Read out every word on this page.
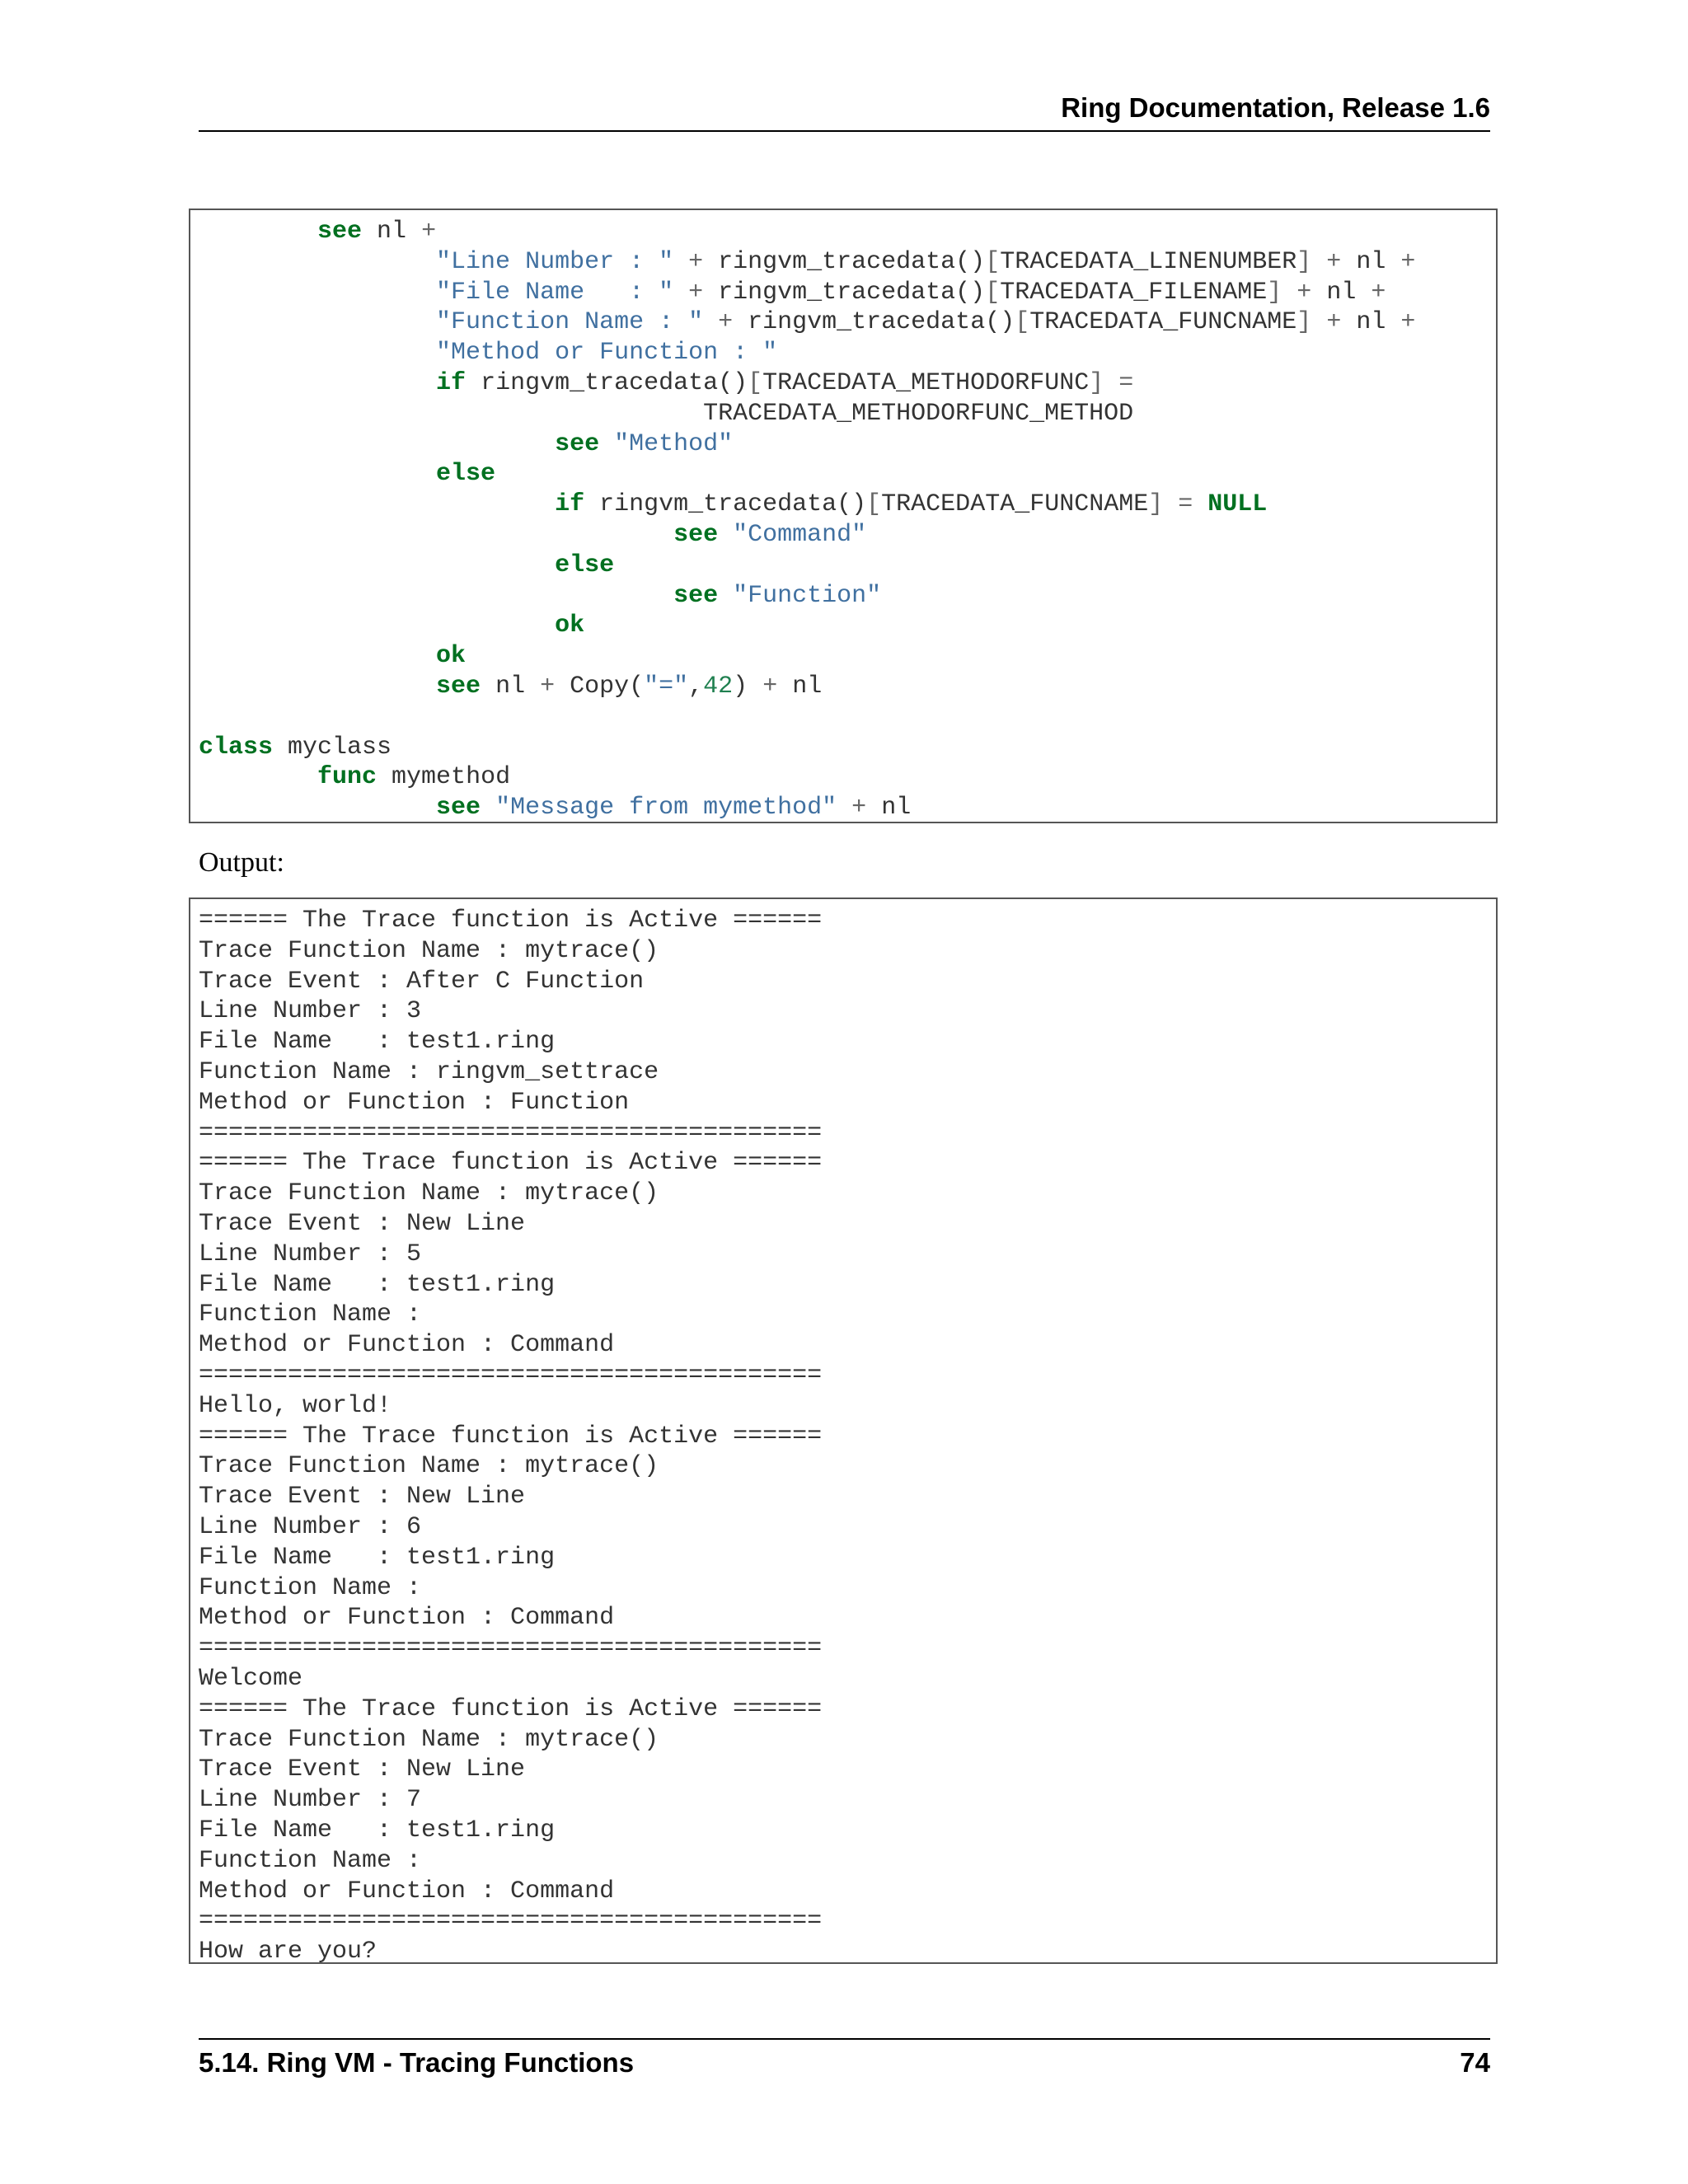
Ring Documentation, Release 1.6
see nl +
"Line Number : " + ringvm_tracedata()[TRACEDATA_LINENUMBER] + nl +
"File Name   : " + ringvm_tracedata()[TRACEDATA_FILENAME] + nl +
"Function Name : " + ringvm_tracedata()[TRACEDATA_FUNCNAME] + nl +
"Method or Function : "
if ringvm_tracedata()[TRACEDATA_METHODORFUNC] =
TRACEDATA_METHODORFUNC_METHOD
see "Method"
else
if ringvm_tracedata()[TRACEDATA_FUNCNAME] = NULL
see "Command"
else
see "Function"
ok
ok
see nl + Copy("=",42) + nl

class myclass
func mymethod
see "Message from mymethod" + nl
Output:
====== The Trace function is Active ======
Trace Function Name : mytrace()
Trace Event : After C Function
Line Number : 3
File Name   : test1.ring
Function Name : ringvm_settrace
Method or Function : Function
==========================================
====== The Trace function is Active ======
Trace Function Name : mytrace()
Trace Event : New Line
Line Number : 5
File Name   : test1.ring
Function Name :
Method or Function : Command
==========================================
Hello, world!
====== The Trace function is Active ======
Trace Function Name : mytrace()
Trace Event : New Line
Line Number : 6
File Name   : test1.ring
Function Name :
Method or Function : Command
==========================================
Welcome
====== The Trace function is Active ======
Trace Function Name : mytrace()
Trace Event : New Line
Line Number : 7
File Name   : test1.ring
Function Name :
Method or Function : Command
==========================================
How are you?
5.14. Ring VM - Tracing Functions	74
